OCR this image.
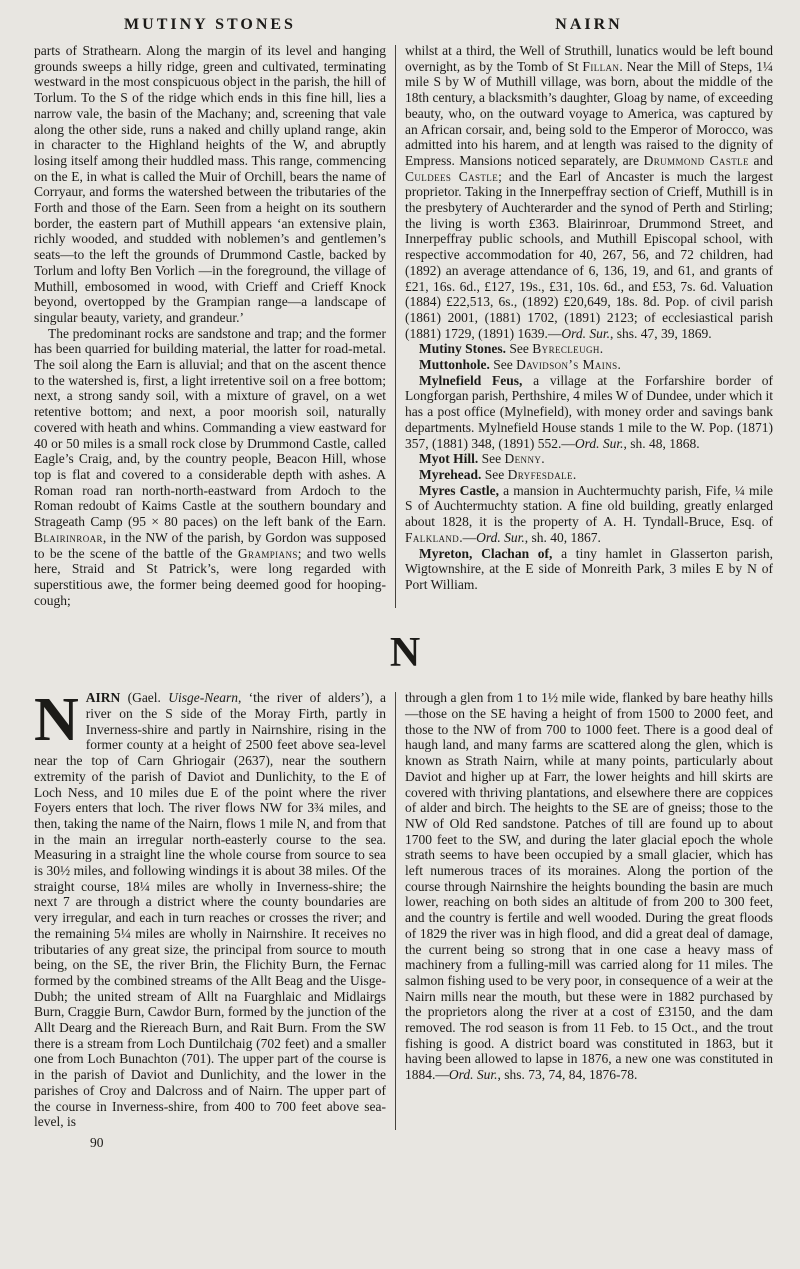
MUTINY STONES	NAIRN

parts of Strathearn. Along the margin of its level and hanging grounds sweeps a hilly ridge, green and cultivated, terminating westward in the most conspicuous object in the parish, the hill of Torlum. To the S of the ridge which ends in this fine hill, lies a narrow vale, the basin of the Machany; and, screening that vale along the other side, runs a naked and chilly upland range, akin in character to the Highland heights of the W, and abruptly losing itself among their huddled mass. This range, commencing on the E, in what is called the Muir of Orchill, bears the name of Corryaur, and forms the watershed between the tributaries of the Forth and those of the Earn. Seen from a height on its southern border, the eastern part of Muthill appears ‘an extensive plain, richly wooded, and studded with noblemen’s and gentlemen’s seats—to the left the grounds of Drummond Castle, backed by Torlum and lofty Ben Vorlich —in the foreground, the village of Muthill, embosomed in wood, with Crieff and Crieff Knock beyond, overtopped by the Grampian range—a landscape of singular beauty, variety, and grandeur.’

The predominant rocks are sandstone and trap; and the former has been quarried for building material, the latter for road-metal. The soil along the Earn is alluvial; and that on the ascent thence to the watershed is, first, a light irretentive soil on a free bottom; next, a strong sandy soil, with a mixture of gravel, on a wet retentive bottom; and next, a poor moorish soil, naturally covered with heath and whins. Commanding a view eastward for 40 or 50 miles is a small rock close by Drummond Castle, called Eagle’s Craig, and, by the country people, Beacon Hill, whose top is flat and covered to a considerable depth with ashes. A Roman road ran north-north-eastward from Ardoch to the Roman redoubt of Kaims Castle at the southern boundary and Strageath Camp (95 × 80 paces) on the left bank of the Earn. Blairinroar, in the NW of the parish, by Gordon was supposed to be the scene of the battle of the Grampians; and two wells here, Straid and St Patrick’s, were long regarded with superstitious awe, the former being deemed good for hooping-cough;

whilst at a third, the Well of Struthill, lunatics would be left bound overnight, as by the Tomb of St Fillan. Near the Mill of Steps, 1¼ mile S by W of Muthill village, was born, about the middle of the 18th century, a blacksmith’s daughter, Gloag by name, of exceeding beauty, who, on the outward voyage to America, was captured by an African corsair, and, being sold to the Emperor of Morocco, was admitted into his harem, and at length was raised to the dignity of Empress. Mansions noticed separately, are Drummond Castle and Culdees Castle; and the Earl of Ancaster is much the largest proprietor. Taking in the Innerpeffray section of Crieff, Muthill is in the presbytery of Auchterarder and the synod of Perth and Stirling; the living is worth £363. Blairinroar, Drummond Street, and Innerpeffray public schools, and Muthill Episcopal school, with respective accommodation for 40, 267, 56, and 72 children, had (1892) an average attendance of 6, 136, 19, and 61, and grants of £21, 16s. 6d., £127, 19s., £31, 10s. 6d., and £53, 7s. 6d. Valuation (1884) £22,513, 6s., (1892) £20,649, 18s. 8d. Pop. of civil parish (1861) 2001, (1881) 1702, (1891) 2123; of ecclesiastical parish (1881) 1729, (1891) 1639.—Ord. Sur., shs. 47, 39, 1869.

Mutiny Stones. See Byrecleugh.

Muttonhole. See Davidson’s Mains.

Mylnefield Feus, a village at the Forfarshire border of Longforgan parish, Perthshire, 4 miles W of Dundee, under which it has a post office (Mylnefield), with money order and savings bank departments. Mylnefield House stands 1 mile to the W. Pop. (1871) 357, (1881) 348, (1891) 552.—Ord. Sur., sh. 48, 1868.

Myot Hill. See Denny.

Myrehead. See Dryfesdale.

Myres Castle, a mansion in Auchtermuchty parish, Fife, ¼ mile S of Auchtermuchty station. A fine old building, greatly enlarged about 1828, it is the property of A. H. Tyndall-Bruce, Esq. of Falkland.—Ord. Sur., sh. 40, 1867.

Myreton, Clachan of, a tiny hamlet in Glasserton parish, Wigtownshire, at the E side of Monreith Park, 3 miles E by N of Port William.

N

NAIRN (Gael. Uisge-Nearn, ‘the river of alders’), a river on the S side of the Moray Firth, partly in Inverness-shire and partly in Nairnshire, rising in the former county at a height of 2500 feet above sea-level near the top of Carn Ghriogair (2637), near the southern extremity of the parish of Daviot and Dunlichity, to the E of Loch Ness, and 10 miles due E of the point where the river Foyers enters that loch. The river flows NW for 3¾ miles, and then, taking the name of the Nairn, flows 1 mile N, and from that in the main an irregular north-easterly course to the sea. Measuring in a straight line the whole course from source to sea is 30½ miles, and following windings it is about 38 miles. Of the straight course, 18¼ miles are wholly in Inverness-shire; the next 7 are through a district where the county boundaries are very irregular, and each in turn reaches or crosses the river; and the remaining 5¼ miles are wholly in Nairnshire. It receives no tributaries of any great size, the principal from source to mouth being, on the SE, the river Brin, the Flichity Burn, the Fernac formed by the combined streams of the Allt Beag and the Uisge-Dubh; the united stream of Allt na Fuarghlaic and Midlairgs Burn, Craggie Burn, Cawdor Burn, formed by the junction of the Allt Dearg and the Riereach Burn, and Rait Burn. From the SW there is a stream from Loch Duntilchaig (702 feet) and a smaller one from Loch Bunachton (701). The upper part of the course is in the parish of Daviot and Dunlichity, and the lower in the parishes of Croy and Dalcross and of Nairn. The upper part of the course in Inverness-shire, from 400 to 700 feet above sea-level, is

through a glen from 1 to 1½ mile wide, flanked by bare heathy hills—those on the SE having a height of from 1500 to 2000 feet, and those to the NW of from 700 to 1000 feet. There is a good deal of haugh land, and many farms are scattered along the glen, which is known as Strath Nairn, while at many points, particularly about Daviot and higher up at Farr, the lower heights and hill skirts are covered with thriving plantations, and elsewhere there are coppices of alder and birch. The heights to the SE are of gneiss; those to the NW of Old Red sandstone. Patches of till are found up to about 1700 feet to the SW, and during the later glacial epoch the whole strath seems to have been occupied by a small glacier, which has left numerous traces of its moraines. Along the portion of the course through Nairnshire the heights bounding the basin are much lower, reaching on both sides an altitude of from 200 to 300 feet, and the country is fertile and well wooded. During the great floods of 1829 the river was in high flood, and did a great deal of damage, the current being so strong that in one case a heavy mass of machinery from a fulling-mill was carried along for 11 miles. The salmon fishing used to be very poor, in consequence of a weir at the Nairn mills near the mouth, but these were in 1882 purchased by the proprietors along the river at a cost of £3150, and the dam removed. The rod season is from 11 Feb. to 15 Oct., and the trout fishing is good. A district board was constituted in 1863, but it having been allowed to lapse in 1876, a new one was constituted in 1884.—Ord. Sur., shs. 73, 74, 84, 1876-78.

90
